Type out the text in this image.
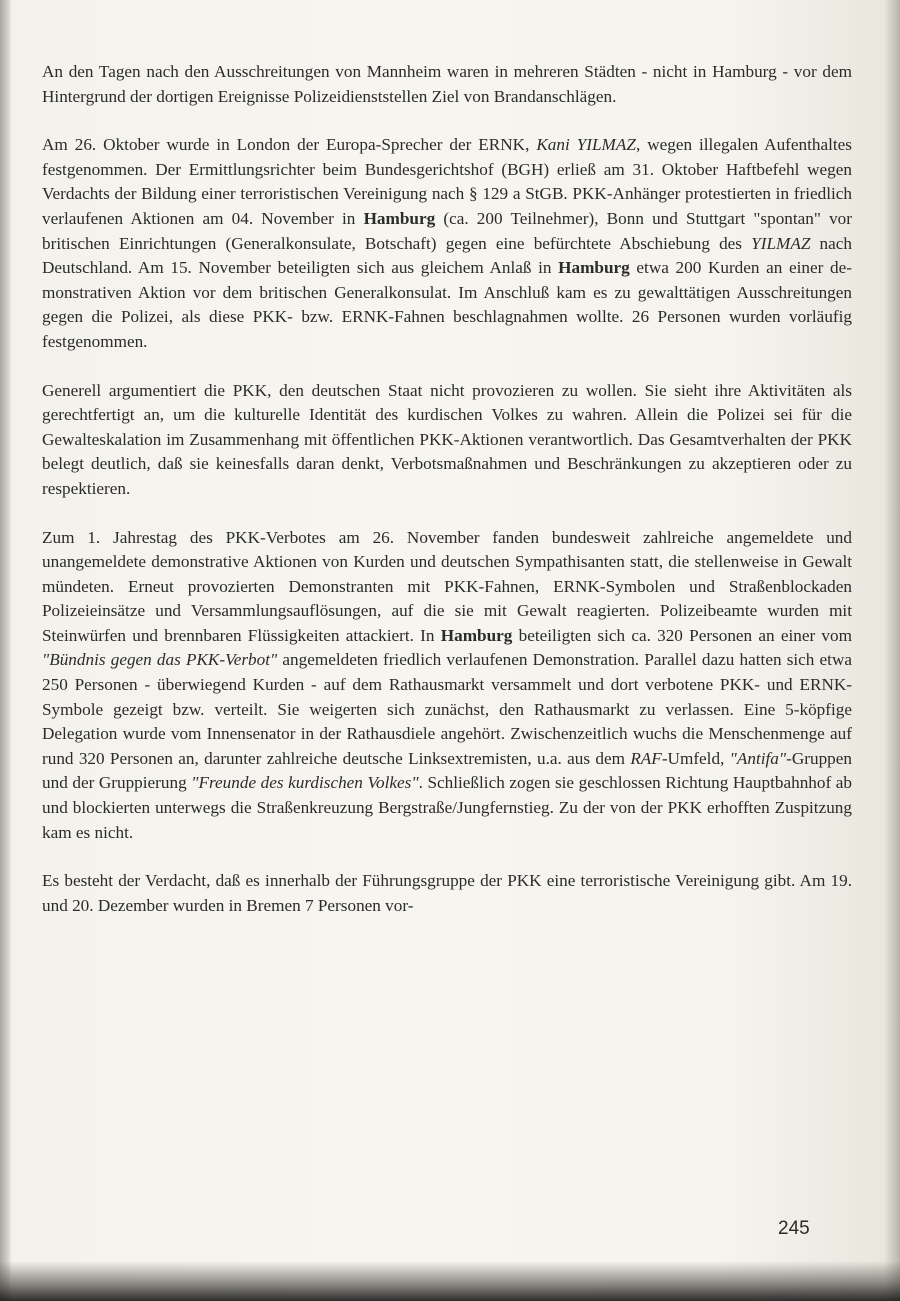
An den Tagen nach den Ausschreitungen von Mannheim waren in mehreren Städten - nicht in Hamburg - vor dem Hintergrund der dortigen Ereignisse Polizeidienststellen Ziel von Brandanschlägen.

Am 26. Oktober wurde in London der Europa-Sprecher der ERNK, Kani YILMAZ, wegen illegalen Aufenthaltes festgenommen. Der Ermittlungsrichter beim Bundesgerichtshof (BGH) erließ am 31. Oktober Haftbefehl wegen Verdachts der Bildung einer terroristischen Vereinigung nach § 129 a StGB. PKK-Anhänger protestierten in friedlich verlaufenen Aktionen am 04. November in Hamburg (ca. 200 Teilnehmer), Bonn und Stuttgart "spontan" vor britischen Einrichtungen (Generalkonsulate, Botschaft) gegen eine befürchtete Abschiebung des YILMAZ nach Deutschland. Am 15. November beteiligten sich aus gleichem Anlaß in Hamburg etwa 200 Kurden an einer demonstrativen Aktion vor dem britischen Generalkonsulat. Im Anschluß kam es zu gewalttätigen Ausschreitungen gegen die Polizei, als diese PKK- bzw. ERNK-Fahnen beschlagnahmen wollte. 26 Personen wurden vorläufig festgenommen.

Generell argumentiert die PKK, den deutschen Staat nicht provozieren zu wollen. Sie sieht ihre Aktivitäten als gerechtfertigt an, um die kulturelle Identität des kurdischen Volkes zu wahren. Allein die Polizei sei für die Gewalteskalation im Zusammenhang mit öffentlichen PKK-Aktionen verantwortlich. Das Gesamtverhalten der PKK belegt deutlich, daß sie keinesfalls daran denkt, Verbotsmaßnahmen und Beschränkungen zu akzeptieren oder zu respektieren.

Zum 1. Jahrestag des PKK-Verbotes am 26. November fanden bundesweit zahlreiche angemeldete und unangemeldete demonstrative Aktionen von Kurden und deutschen Sympathisanten statt, die stellenweise in Gewalt mündeten. Erneut provozierten Demonstranten mit PKK-Fahnen, ERNK-Symbolen und Straßenblockaden Polizeieinsätze und Versammlungsauflösungen, auf die sie mit Gewalt reagierten. Polizeibeamte wurden mit Steinwürfen und brennbaren Flüssigkeiten attackiert. In Hamburg beteiligten sich ca. 320 Personen an einer vom "Bündnis gegen das PKK-Verbot" angemeldeten friedlich verlaufenen Demonstration. Parallel dazu hatten sich etwa 250 Personen - überwiegend Kurden - auf dem Rathausmarkt versammelt und dort verbotene PKK- und ERNK-Symbole gezeigt bzw. verteilt. Sie weigerten sich zunächst, den Rathausmarkt zu verlassen. Eine 5-köpfige Delegation wurde vom Innensenator in der Rathausdiele angehört. Zwischenzeitlich wuchs die Menschenmenge auf rund 320 Personen an, darunter zahlreiche deutsche Linksextremisten, u.a. aus dem RAF-Umfeld, "Antifa"-Gruppen und der Gruppierung "Freunde des kurdischen Volkes". Schließlich zogen sie geschlossen Richtung Hauptbahnhof ab und blockierten unterwegs die Straßenkreuzung Bergstraße/Jungfernstieg. Zu der von der PKK erhofften Zuspitzung kam es nicht.

Es besteht der Verdacht, daß es innerhalb der Führungsgruppe der PKK eine terroristische Vereinigung gibt. Am 19. und 20. Dezember wurden in Bremen 7 Personen vor-

245
